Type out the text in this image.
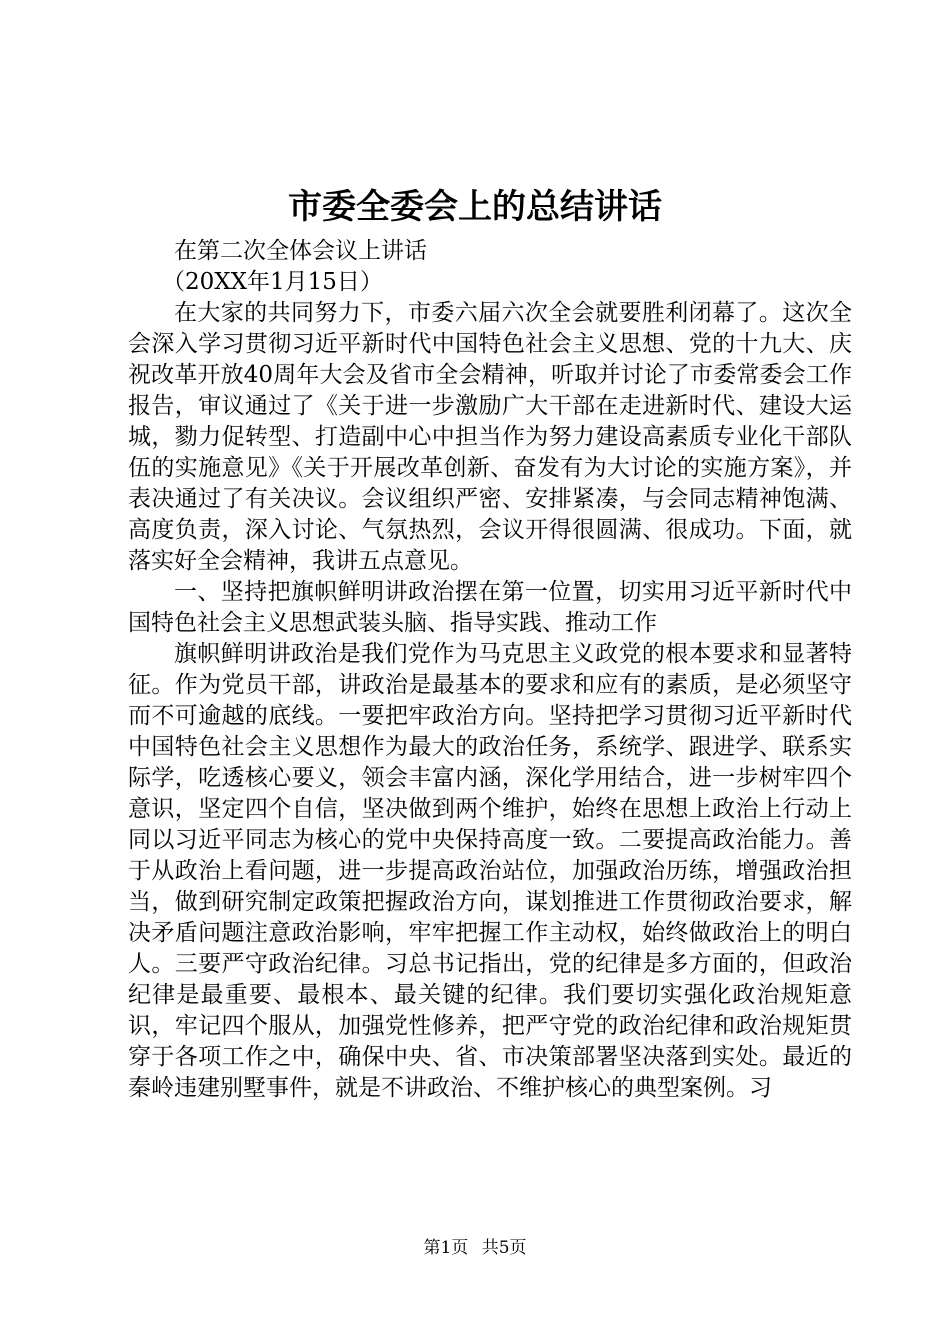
市委全委会上的总结讲话

在第二次全体会议上讲话

（20XX年1月15日）

在大家的共同努力下，市委六届六次全会就要胜利闭幕了。这次全会深入学习贯彻习近平新时代中国特色社会主义思想、党的十九大、庆祝改革开放40周年大会及省市全会精神，听取并讨论了市委常委会工作报告，审议通过了《关于进一步激励广大干部在走进新时代、建设大运城，勠力促转型、打造副中心中担当作为努力建设高素质专业化干部队伍的实施意见》《关于开展改革创新、奋发有为大讨论的实施方案》，并表决通过了有关决议。会议组织严密、安排紧凑，与会同志精神饱满、高度负责，深入讨论、气氛热烈，会议开得很圆满、很成功。下面，就落实好全会精神，我讲五点意见。

一、坚持把旗帜鲜明讲政治摆在第一位置，切实用习近平新时代中国特色社会主义思想武装头脑、指导实践、推动工作

旗帜鲜明讲政治是我们党作为马克思主义政党的根本要求和显著特征。作为党员干部，讲政治是最基本的要求和应有的素质，是必须坚守而不可逾越的底线。一要把牢政治方向。坚持把学习贯彻习近平新时代中国特色社会主义思想作为最大的政治任务，系统学、跟进学、联系实际学，吃透核心要义，领会丰富内涵，深化学用结合，进一步树牢四个意识，坚定四个自信，坚决做到两个维护，始终在思想上政治上行动上同以习近平同志为核心的党中央保持高度一致。二要提高政治能力。善于从政治上看问题，进一步提高政治站位，加强政治历练，增强政治担当，做到研究制定政策把握政治方向，谋划推进工作贯彻政治要求，解决矛盾问题注意政治影响，牢牢把握工作主动权，始终做政治上的明白人。三要严守政治纪律。习总书记指出，党的纪律是多方面的，但政治纪律是最重要、最根本、最关键的纪律。我们要切实强化政治规矩意识，牢记四个服从，加强党性修养，把严守党的政治纪律和政治规矩贯穿于各项工作之中，确保中央、省、市决策部署坚决落到实处。最近的秦岭违建别墅事件，就是不讲政治、不维护核心的典型案例。习

第1页 共5页
